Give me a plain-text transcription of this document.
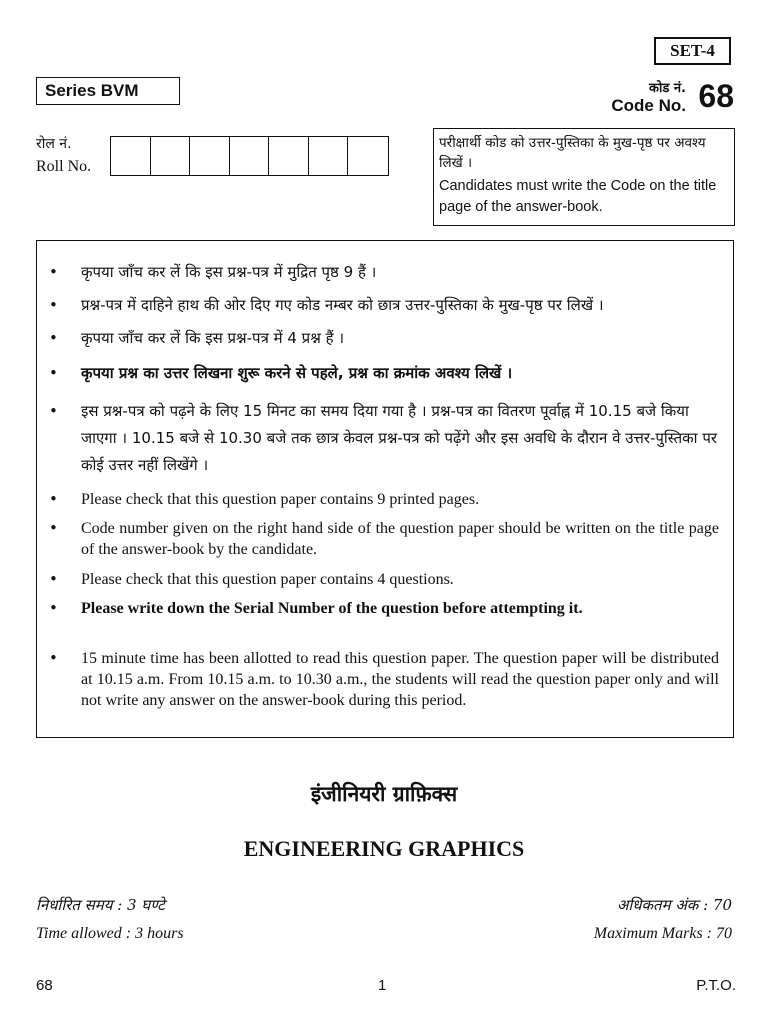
SET-4
Series BVM	कोड नं.
Code No. 68
रोल नं.
Roll No.
परीक्षार्थी कोड को उत्तर-पुस्तिका के मुख-पृष्ठ पर अवश्य लिखें ।
Candidates must write the Code on the title page of the answer-book.
• कृपया जाँच कर लें कि इस प्रश्न-पत्र में मुद्रित पृष्ठ 9 हैं ।
• प्रश्न-पत्र में दाहिने हाथ की ओर दिए गए कोड नम्बर को छात्र उत्तर-पुस्तिका के मुख-पृष्ठ पर लिखें ।
• कृपया जाँच कर लें कि इस प्रश्न-पत्र में 4 प्रश्न हैं ।
• कृपया प्रश्न का उत्तर लिखना शुरू करने से पहले, प्रश्न का क्रमांक अवश्य लिखें ।
• इस प्रश्न-पत्र को पढ़ने के लिए 15 मिनट का समय दिया गया है । प्रश्न-पत्र का वितरण पूर्वाह्न में 10.15 बजे किया जाएगा । 10.15 बजे से 10.30 बजे तक छात्र केवल प्रश्न-पत्र को पढ़ेंगे और इस अवधि के दौरान वे उत्तर-पुस्तिका पर कोई उत्तर नहीं लिखेंगे ।
• Please check that this question paper contains 9 printed pages.
• Code number given on the right hand side of the question paper should be written on the title page of the answer-book by the candidate.
• Please check that this question paper contains 4 questions.
• Please write down the Serial Number of the question before attempting it.
• 15 minute time has been allotted to read this question paper. The question paper will be distributed at 10.15 a.m. From 10.15 a.m. to 10.30 a.m., the students will read the question paper only and will not write any answer on the answer-book during this period.
इंजीनियरी ग्राफ़िक्स
ENGINEERING GRAPHICS
निर्धारित समय : 3 घण्टे
Time allowed : 3 hours
अधिकतम अंक : 70
Maximum Marks : 70
68	1	P.T.O.
